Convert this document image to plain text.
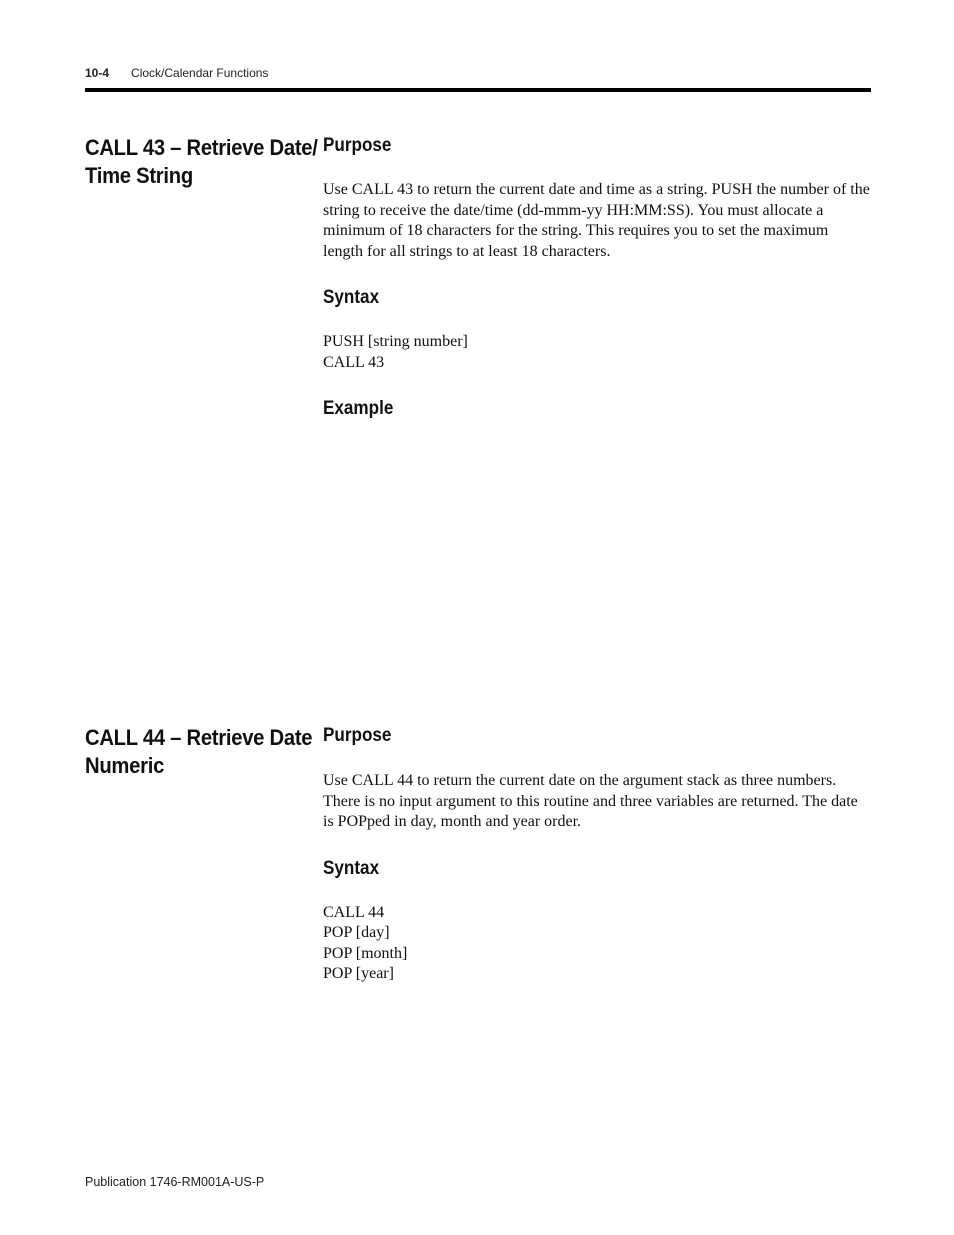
10-4 Clock/Calendar Functions
CALL 43 – Retrieve Date/
Time String
Purpose

Use CALL 43 to return the current date and time as a string. PUSH the number of the string to receive the date/time (dd-mmm-yy HH:MM:SS). You must allocate a minimum of 18 characters for the string. This requires you to set the maximum length for all strings to at least 18 characters.

Syntax
PUSH [string number]
CALL 43
Example
CALL 44 – Retrieve Date
Numeric
Purpose

Use CALL 44 to return the current date on the argument stack as three numbers. There is no input argument to this routine and three variables are returned. The date is POPped in day, month and year order.

Syntax
CALL 44
POP [day]
POP [month]
POP [year]
Publication 1746-RM001A-US-P
